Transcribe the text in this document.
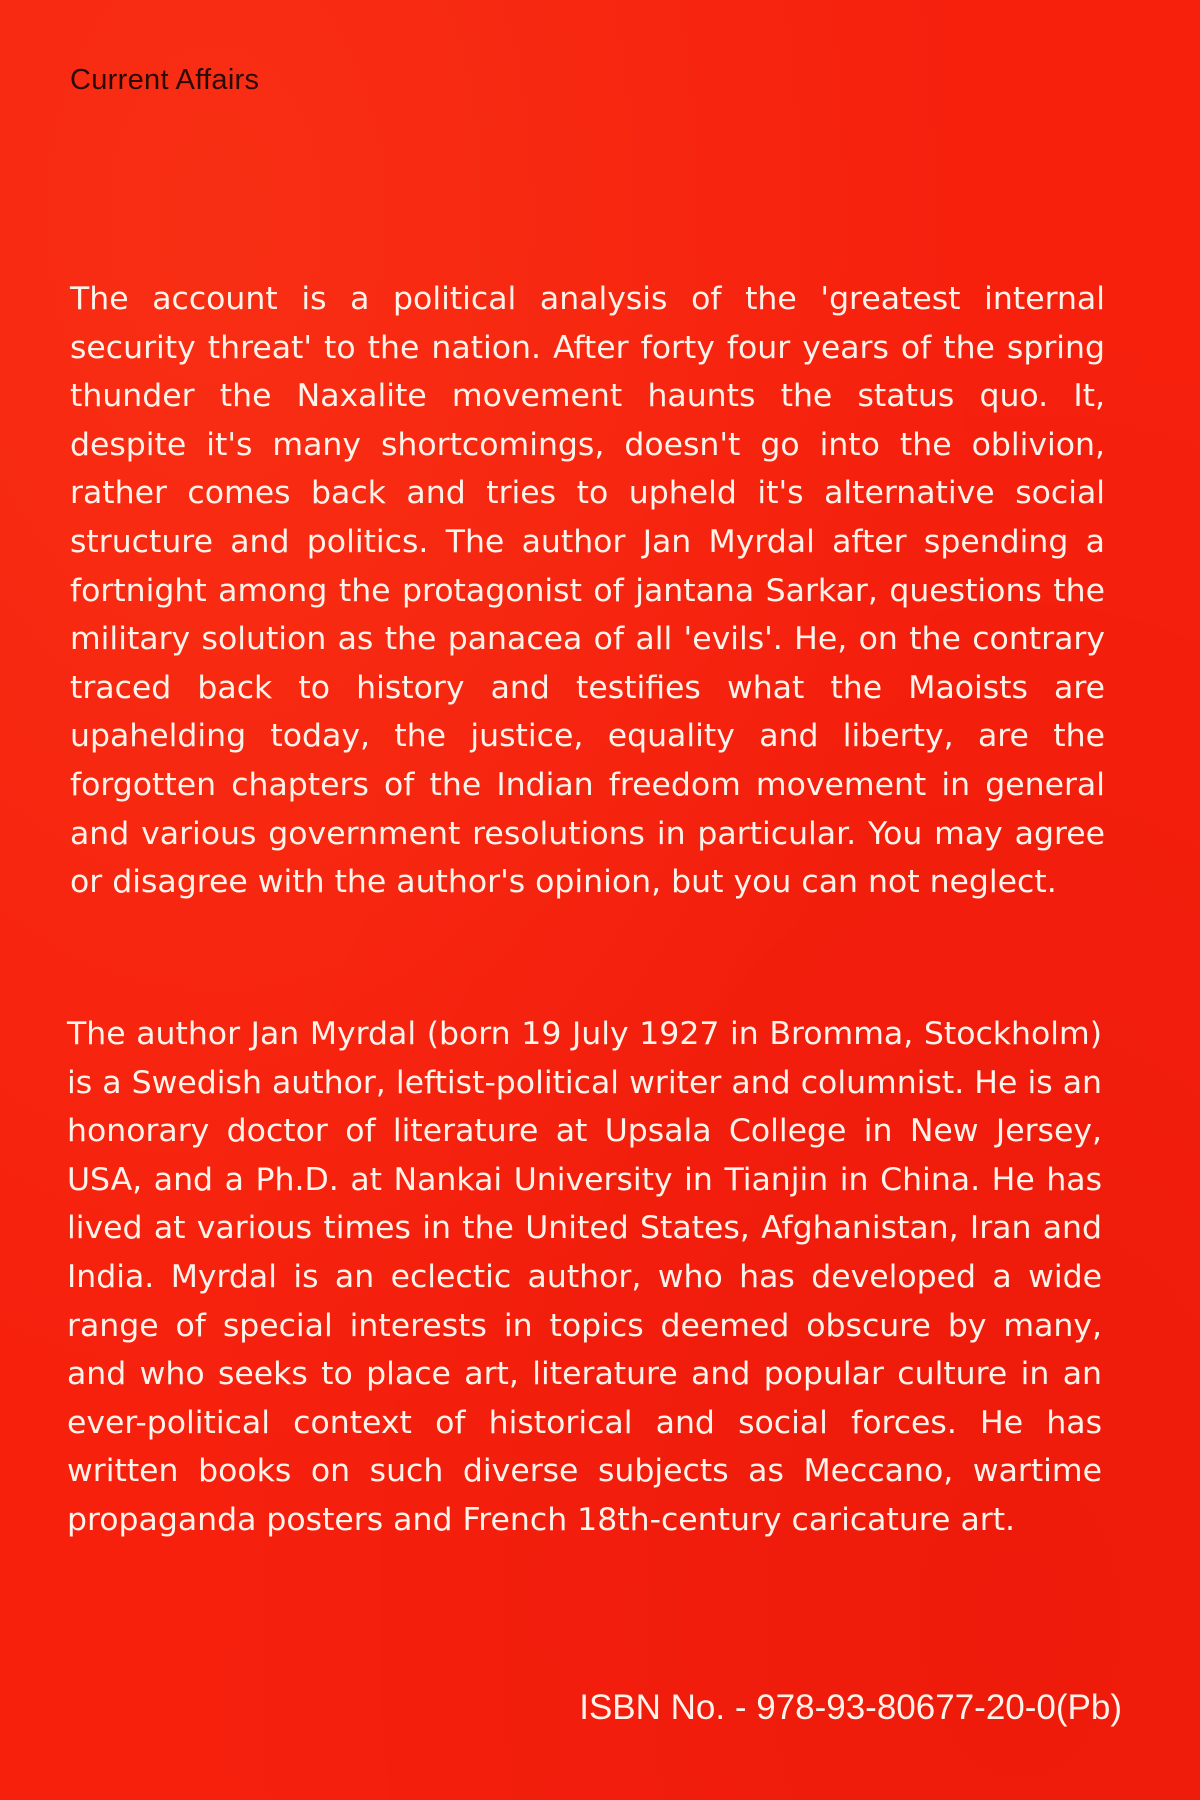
Current Affairs

The account is a political analysis of the 'greatest internal security threat' to the nation. After forty four years of the spring thunder the Naxalite movement haunts the status quo. It, despite it's many shortcomings, doesn't go into the oblivion, rather comes back and tries to upheld it's alternative social structure and politics. The author Jan Myrdal after spending a fortnight among the protagonist of jantana Sarkar, questions the military solution as the panacea of all 'evils'. He, on the contrary traced back to history and testifies what the Maoists are upahelding today, the justice, equality and liberty, are the forgotten chapters of the Indian freedom movement in general and various government resolutions in particular. You may agree or disagree with the author's opinion, but you can not neglect.

The author Jan Myrdal (born 19 July 1927 in Bromma, Stockholm) is a Swedish author, leftist-political writer and columnist. He is an honorary doctor of literature at Upsala College in New Jersey, USA, and a Ph.D. at Nankai University in Tianjin in China. He has lived at various times in the United States, Afghanistan, Iran and India. Myrdal is an eclectic author, who has developed a wide range of special interests in topics deemed obscure by many, and who seeks to place art, literature and popular culture in an ever-political context of historical and social forces. He has written books on such diverse subjects as Meccano, wartime propaganda posters and French 18th-century caricature art.

ISBN No. - 978-93-80677-20-0(Pb)
